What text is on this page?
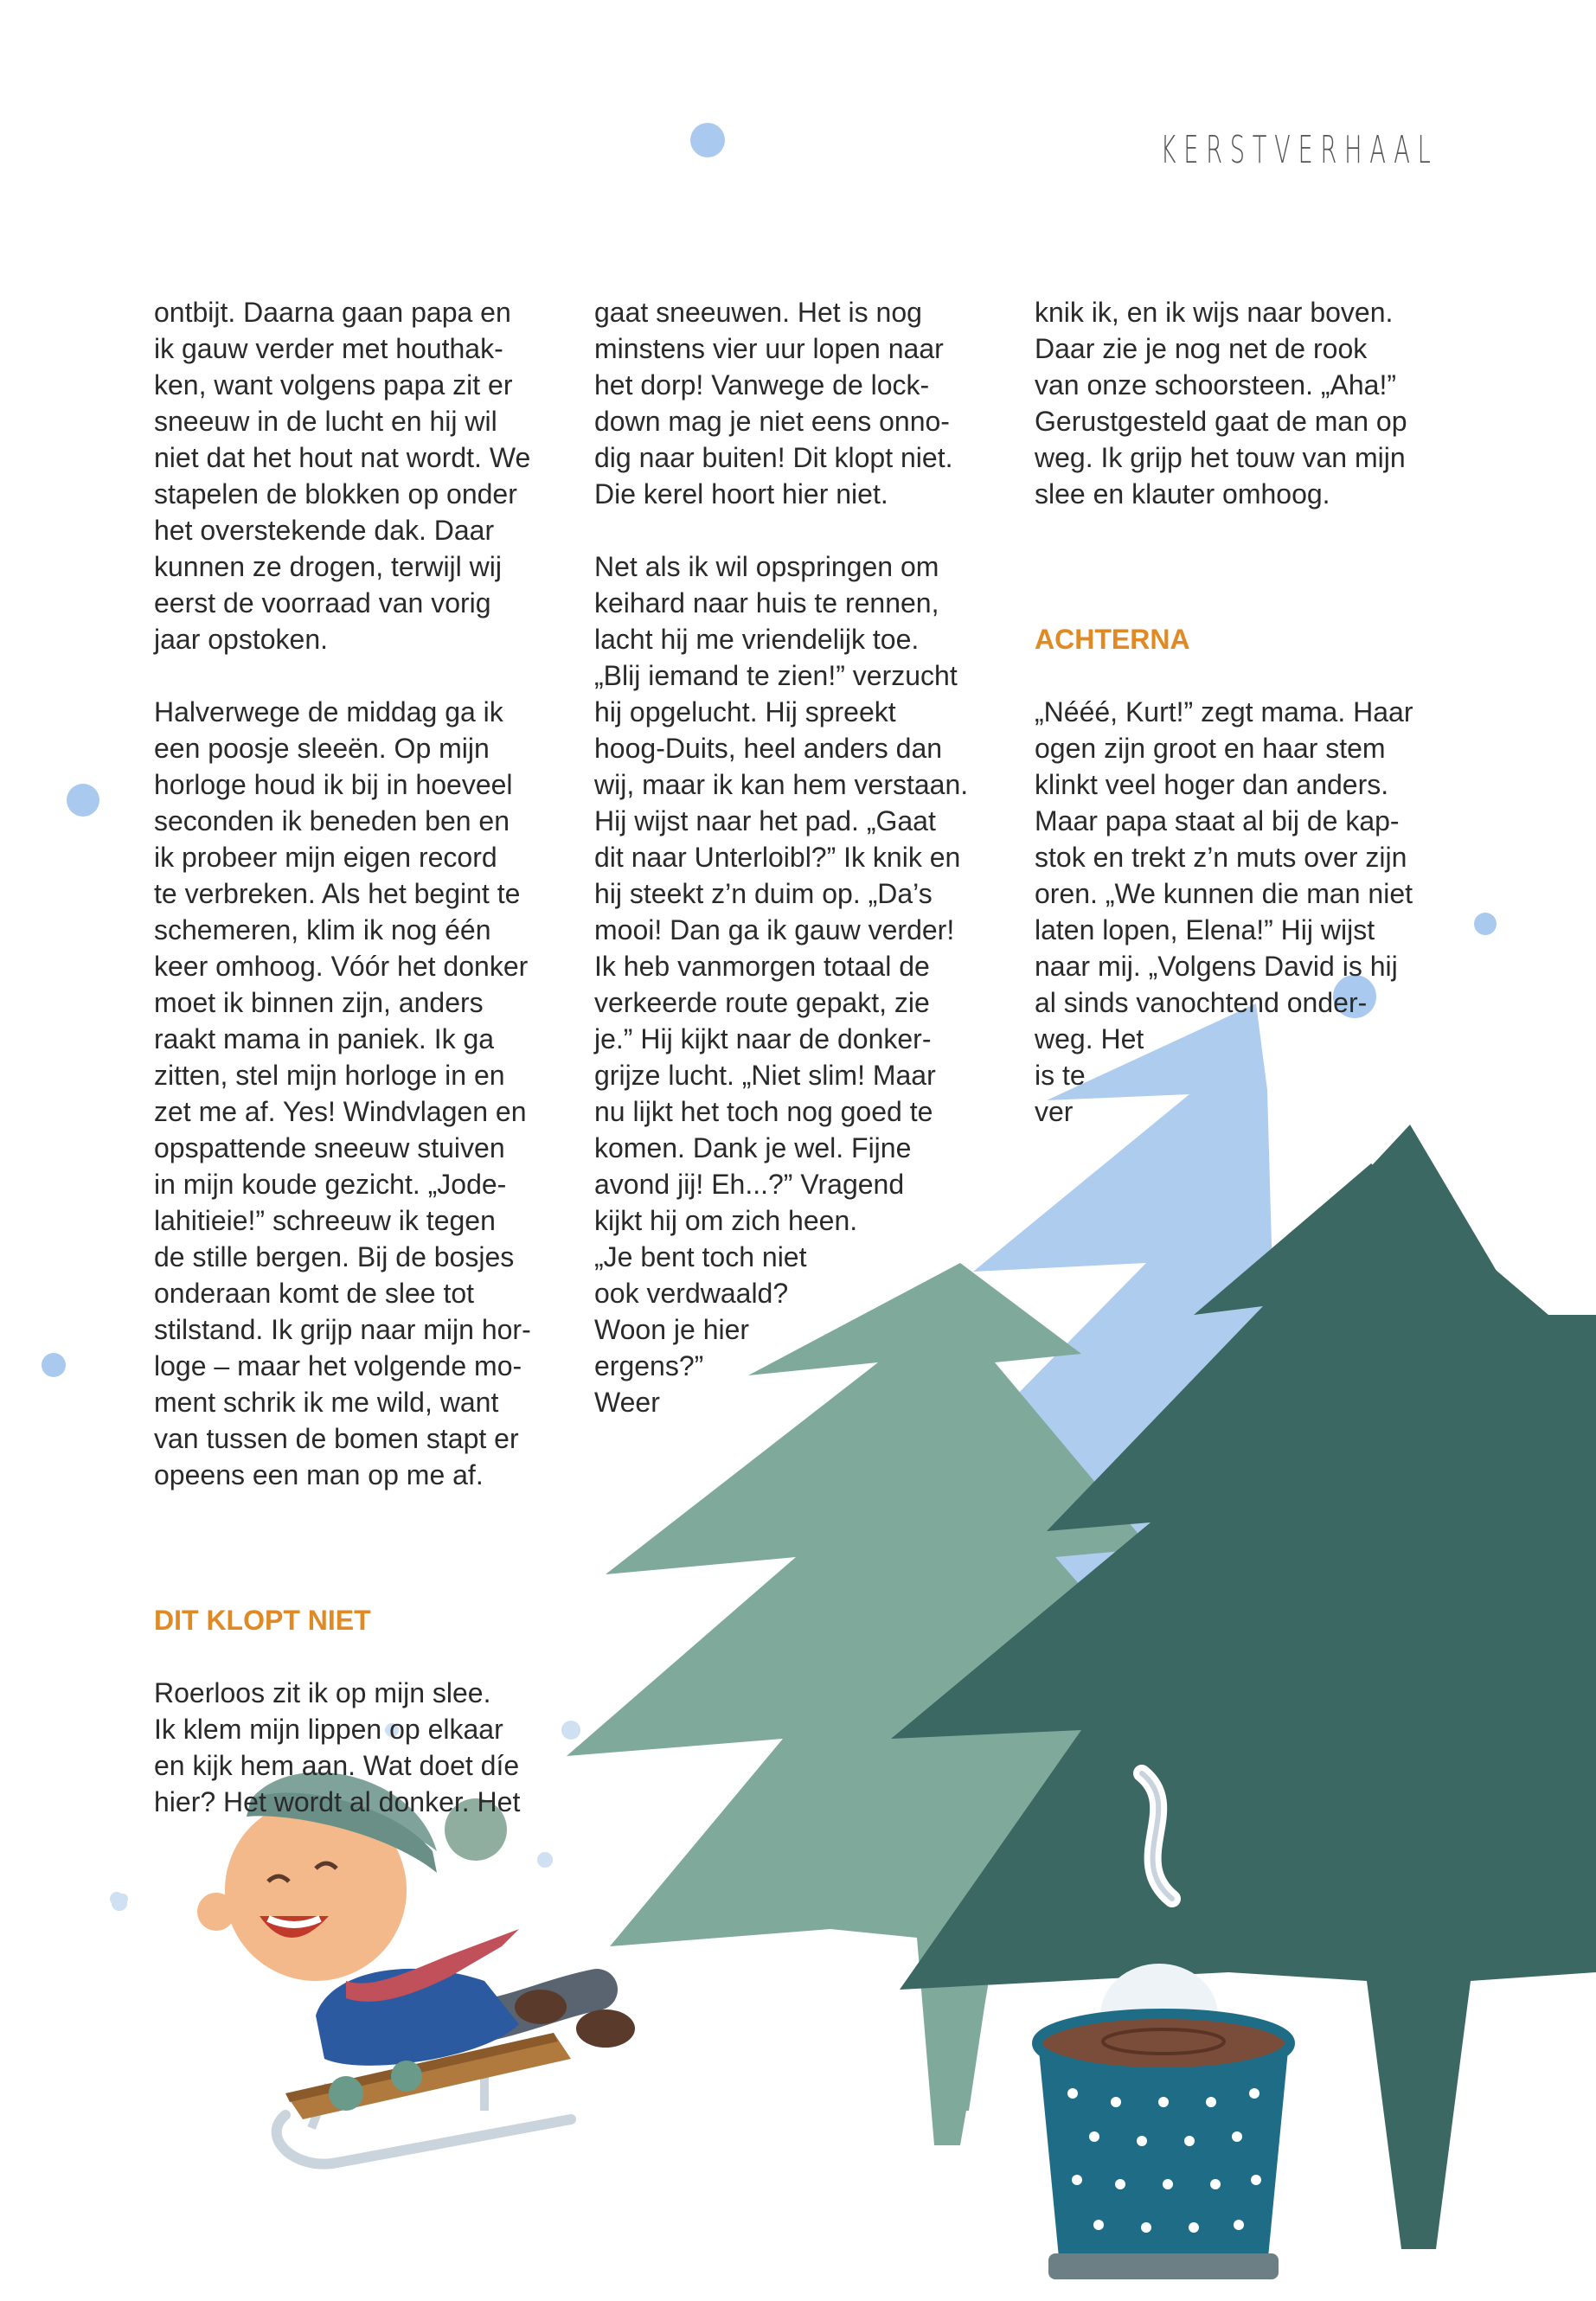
KERSTVERHAAL

ontbijt. Daarna gaan papa en
ik gauw verder met houthak-
ken, want volgens papa zit er
sneeuw in de lucht en hij wil
niet dat het hout nat wordt. We
stapelen de blokken op onder
het overstekende dak. Daar
kunnen ze drogen, terwijl wij
eerst de voorraad van vorig
jaar opstoken.

Halverwege de middag ga ik
een poosje sleeën. Op mijn
horloge houd ik bij in hoeveel
seconden ik beneden ben en
ik probeer mijn eigen record
te verbreken. Als het begint te
schemeren, klim ik nog één
keer omhoog. Vóór het donker
moet ik binnen zijn, anders
raakt mama in paniek. Ik ga
zitten, stel mijn horloge in en
zet me af. Yes! Windvlagen en
opspattende sneeuw stuiven
in mijn koude gezicht. „Jode-
lahitieie!” schreeuw ik tegen
de stille bergen. Bij de bosjes
onderaan komt de slee tot
stilstand. Ik grijp naar mijn hor-
loge – maar het volgende mo-
ment schrik ik me wild, want
van tussen de bomen stapt er
opeens een man op me af.

DIT KLOPT NIET

Roerloos zit ik op mijn slee.
Ik klem mijn lippen op elkaar
en kijk hem aan. Wat doet díe
hier? Het wordt al donker. Het

gaat sneeuwen. Het is nog
minstens vier uur lopen naar
het dorp! Vanwege de lock-
down mag je niet eens onno-
dig naar buiten! Dit klopt niet.
Die kerel hoort hier niet.

Net als ik wil opspringen om
keihard naar huis te rennen,
lacht hij me vriendelijk toe.
„Blij iemand te zien!” verzucht
hij opgelucht. Hij spreekt
hoog-Duits, heel anders dan
wij, maar ik kan hem verstaan.
Hij wijst naar het pad. „Gaat
dit naar Unterloibl?” Ik knik en
hij steekt z’n duim op. „Da’s
mooi! Dan ga ik gauw verder!
Ik heb vanmorgen totaal de
verkeerde route gepakt, zie
je.” Hij kijkt naar de donker-
grijze lucht. „Niet slim! Maar
nu lijkt het toch nog goed te
komen. Dank je wel. Fijne
avond jij! Eh...?” Vragend
kijkt hij om zich heen.
„Je bent toch niet
ook verdwaald?
Woon je hier
ergens?”
Weer

knik ik, en ik wijs naar boven.
Daar zie je nog net de rook
van onze schoorsteen. „Aha!”
Gerustgesteld gaat de man op
weg. Ik grijp het touw van mijn
slee en klauter omhoog.

ACHTERNA

„Nééé, Kurt!” zegt mama. Haar
ogen zijn groot en haar stem
klinkt veel hoger dan anders.
Maar papa staat al bij de kap-
stok en trekt z’n muts over zijn
oren. „We kunnen die man niet
laten lopen, Elena!” Hij wijst
naar mij. „Volgens David is hij
al sinds vanochtend onder-
weg. Het
is te
ver
